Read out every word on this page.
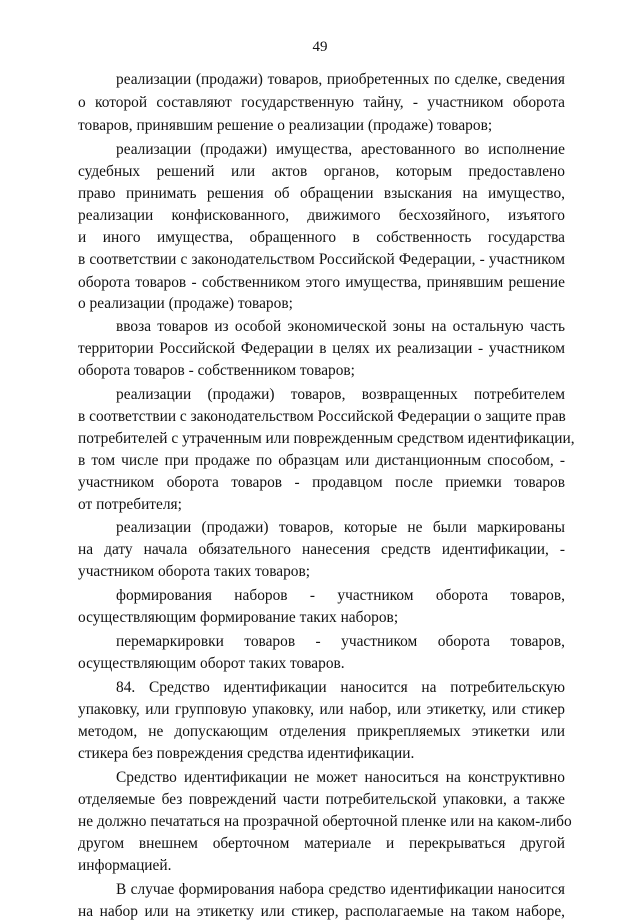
49
реализации (продажи) товаров, приобретенных по сделке, сведения
о которой составляют государственную тайну, - участником оборота
товаров, принявшим решение о реализации (продаже) товаров;
реализации (продажи) имущества, арестованного во исполнение
судебных решений или актов органов, которым предоставлено
право принимать решения об обращении взыскания на имущество,
реализации конфискованного, движимого бесхозяйного, изъятого
и иного имущества, обращенного в собственность государства
в соответствии с законодательством Российской Федерации, - участником
оборота товаров - собственником этого имущества, принявшим решение
о реализации (продаже) товаров;
ввоза товаров из особой экономической зоны на остальную часть
территории Российской Федерации в целях их реализации - участником
оборота товаров - собственником товаров;
реализации (продажи) товаров, возвращенных потребителем
в соответствии с законодательством Российской Федерации о защите прав
потребителей с утраченным или поврежденным средством идентификации,
в том числе при продаже по образцам или дистанционным способом, -
участником оборота товаров - продавцом после приемки товаров
от потребителя;
реализации (продажи) товаров, которые не были маркированы
на дату начала обязательного нанесения средств идентификации, -
участником оборота таких товаров;
формирования наборов - участником оборота товаров,
осуществляющим формирование таких наборов;
перемаркировки товаров - участником оборота товаров,
осуществляющим оборот таких товаров.
84. Средство идентификации наносится на потребительскую
упаковку, или групповую упаковку, или набор, или этикетку, или стикер
методом, не допускающим отделения прикрепляемых этикетки или
стикера без повреждения средства идентификации.
Средство идентификации не может наноситься на конструктивно
отделяемые без повреждений части потребительской упаковки, а также
не должно печататься на прозрачной оберточной пленке или на каком-либо
другом внешнем оберточном материале и перекрываться другой
информацией.
В случае формирования набора средство идентификации наносится
на набор или на этикетку или стикер, располагаемые на таком наборе,
